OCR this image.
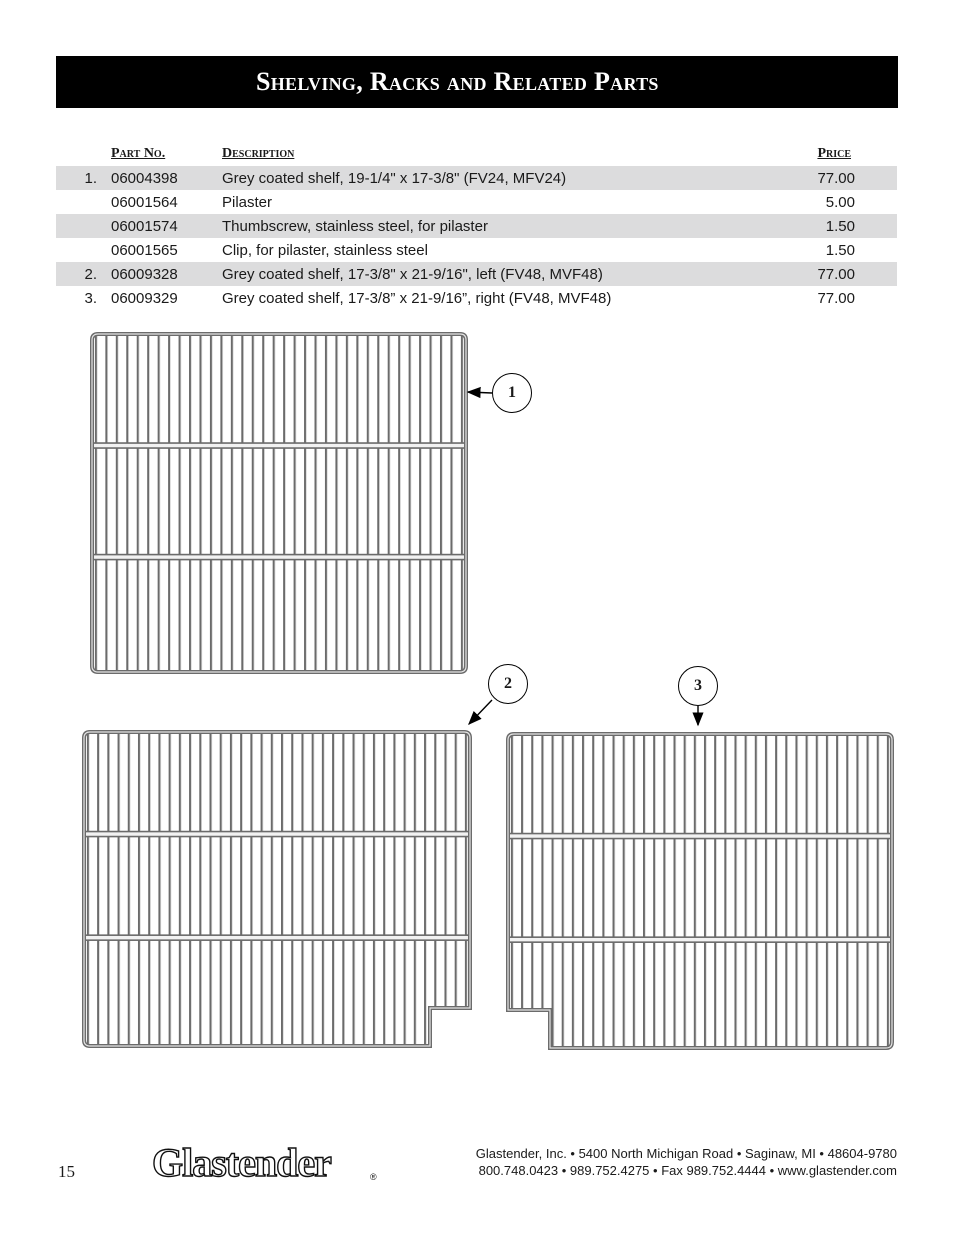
Shelving, Racks and Related Parts
	Part No.	Description	Price
1.	06004398	Grey coated shelf, 19-1/4" x 17-3/8" (FV24, MFV24)	77.00
	06001564	Pilaster	5.00
	06001574	Thumbscrew, stainless steel, for pilaster	1.50
	06001565	Clip, for pilaster, stainless steel	1.50
2.	06009328	Grey coated shelf, 17-3/8" x 21-9/16", left (FV48, MVF48)	77.00
3.	06009329	Grey coated shelf, 17-3/8” x 21-9/16”, right (FV48, MVF48)	77.00
1
2	3
15 Glastender	®
Glastender, Inc. • 5400 North Michigan Road • Saginaw, MI • 48604-9780
800.748.0423 • 989.752.4275 • Fax 989.752.4444 • www.glastender.com
